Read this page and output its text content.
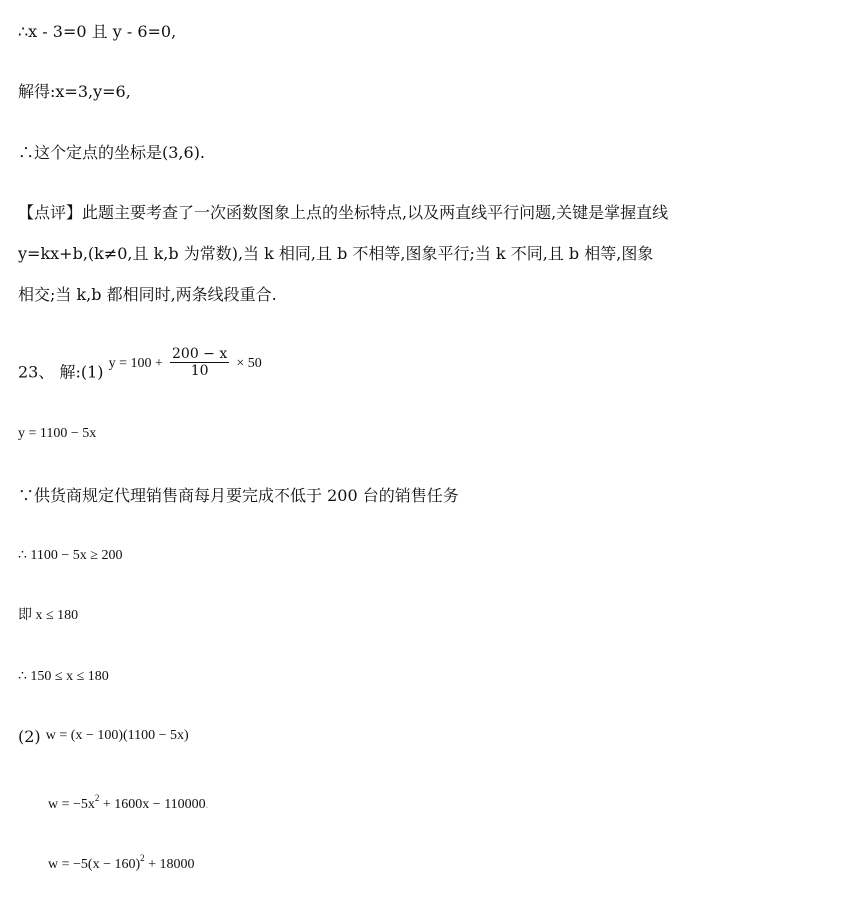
∴x - 3=0 且 y - 6=0,
解得:x=3,y=6,
∴这个定点的坐标是(3,6).
【点评】此题主要考查了一次函数图象上点的坐标特点,以及两直线平行问题,关键是掌握直线
y=kx+b,(k≠0,且 k,b 为常数),当 k 相同,且 b 不相等,图象平行;当 k 不同,且 b 相等,图象
相交;当 k,b 都相同时,两条线段重合.
23、 解:(1) $y = 100 + \frac{200 - x}{10} \times 50$
y = 1100 − 5x
∵供货商规定代理销售商每月要完成不低于 200 台的销售任务
∴ 1100 − 5x ≥ 200
即 x ≤ 180
∴ 150 ≤ x ≤ 180
(2) w = (x − 100)(1100 − 5x)
$w = -5x^2 + 1600x - 110000$.
$w = -5(x - 160)^2 + 18000$
